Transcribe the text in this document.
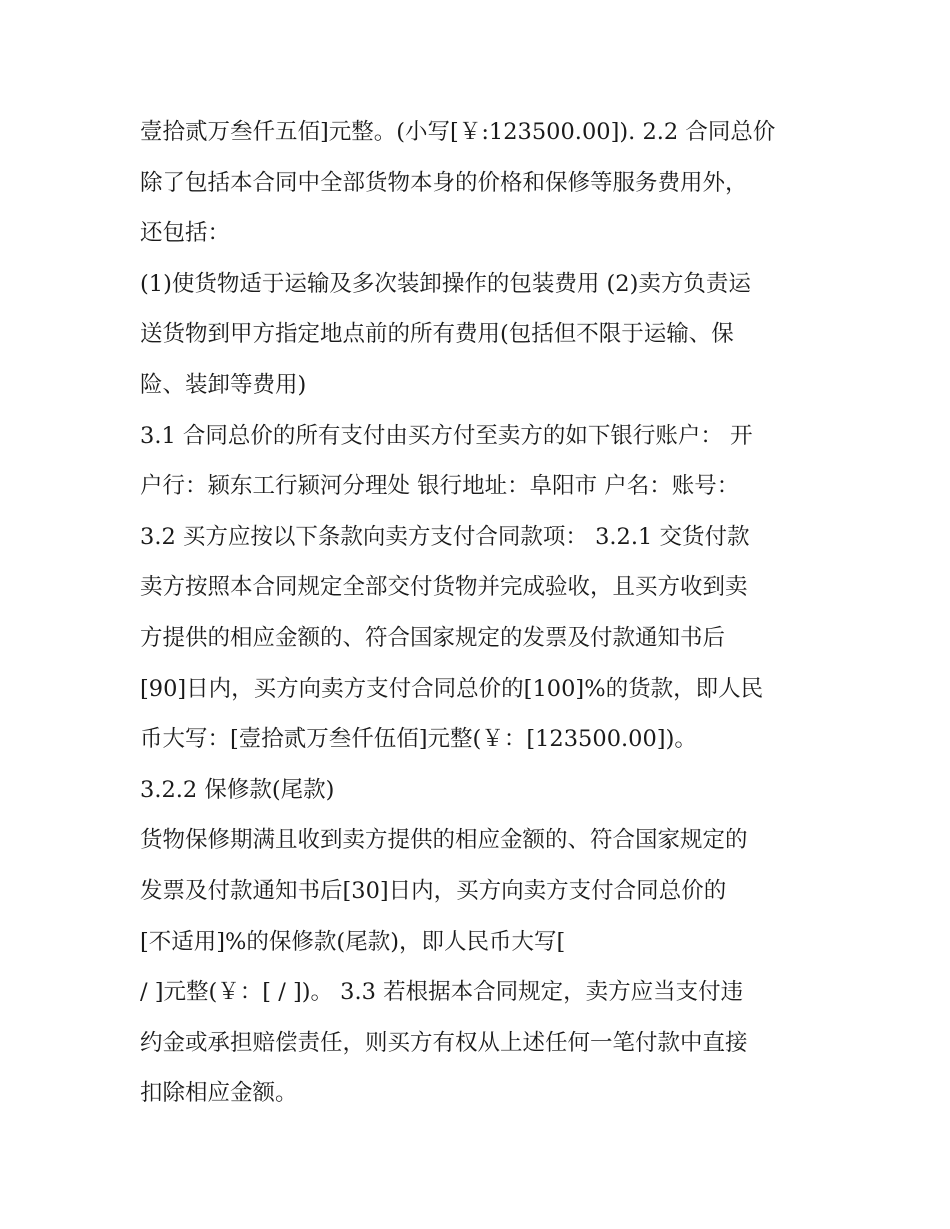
壹拾贰万叁仟五佰]元整。(小写[￥:123500.00]). 2.2 合同总价
除了包括本合同中全部货物本身的价格和保修等服务费用外，
还包括：
(1)使货物适于运输及多次装卸操作的包装费用 (2)卖方负责运
送货物到甲方指定地点前的所有费用(包括但不限于运输、保
险、装卸等费用)
3.1 合同总价的所有支付由买方付至卖方的如下银行账户： 开
户行：颍东工行颍河分理处 银行地址：阜阳市 户名：账号：
3.2 买方应按以下条款向卖方支付合同款项： 3.2.1 交货付款
卖方按照本合同规定全部交付货物并完成验收，且买方收到卖
方提供的相应金额的、符合国家规定的发票及付款通知书后
[90]日内，买方向卖方支付合同总价的[100]%的货款，即人民
币大写：[壹拾贰万叁仟伍佰]元整(￥：[123500.00])。
3.2.2 保修款(尾款)
货物保修期满且收到卖方提供的相应金额的、符合国家规定的
发票及付款通知书后[30]日内，买方向卖方支付合同总价的
[不适用]%的保修款(尾款)，即人民币大写[
/ ]元整(￥：[ / ])。 3.3 若根据本合同规定，卖方应当支付违
约金或承担赔偿责任，则买方有权从上述任何一笔付款中直接
扣除相应金额。
